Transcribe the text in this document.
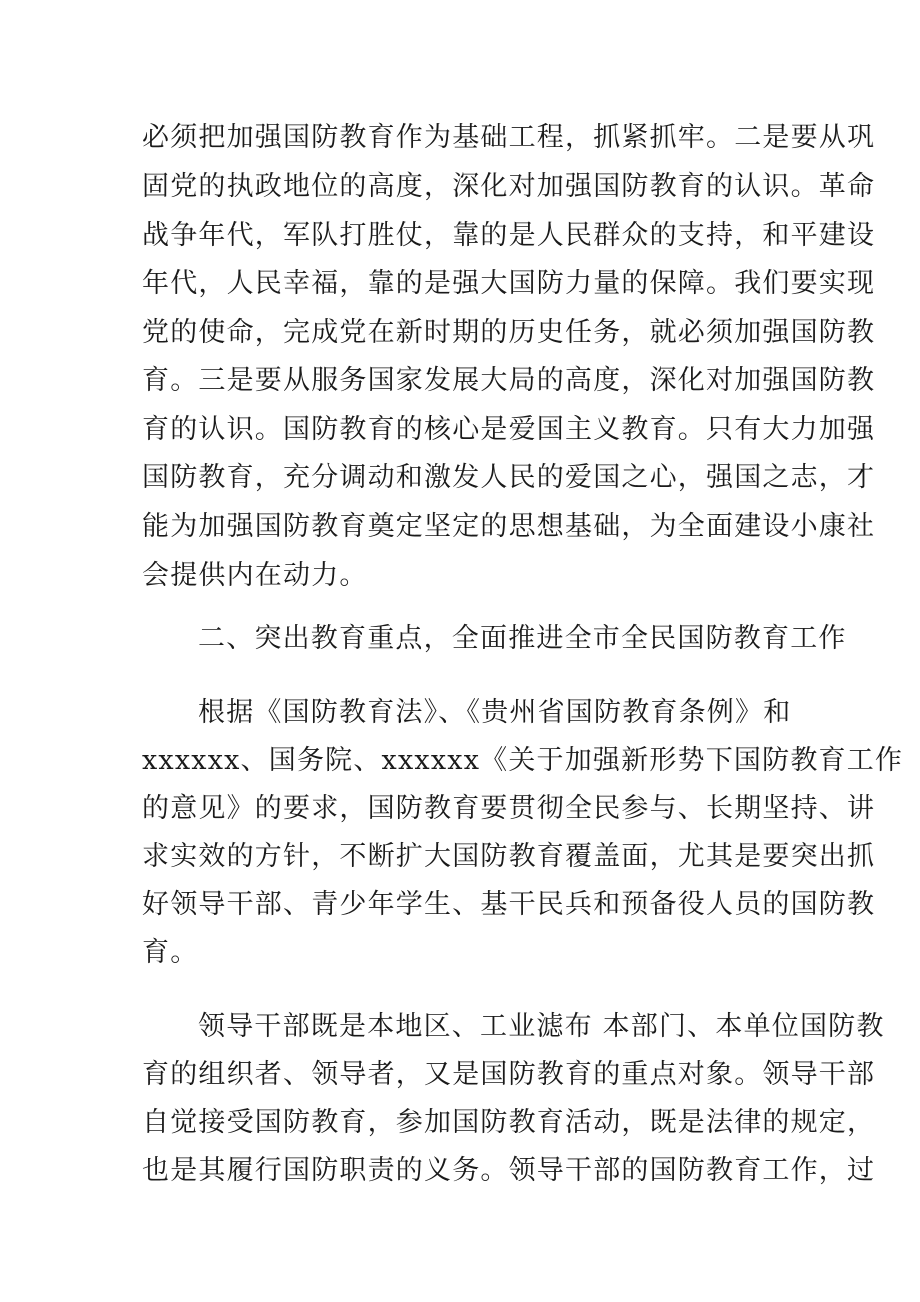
必须把加强国防教育作为基础工程，抓紧抓牢。二是要从巩
固党的执政地位的高度，深化对加强国防教育的认识。革命
战争年代，军队打胜仗，靠的是人民群众的支持，和平建设
年代，人民幸福，靠的是强大国防力量的保障。我们要实现
党的使命，完成党在新时期的历史任务，就必须加强国防教
育。三是要从服务国家发展大局的高度，深化对加强国防教
育的认识。国防教育的核心是爱国主义教育。只有大力加强
国防教育，充分调动和激发人民的爱国之心，强国之志，才
能为加强国防教育奠定坚定的思想基础，为全面建设小康社
会提供内在动力。
二、突出教育重点，全面推进全市全民国防教育工作
根据《国防教育法》、《贵州省国防教育条例》和
xxxxxx、国务院、xxxxxx《关于加强新形势下国防教育工作
的意见》的要求，国防教育要贯彻全民参与、长期坚持、讲
求实效的方针，不断扩大国防教育覆盖面，尤其是要突出抓
好领导干部、青少年学生、基干民兵和预备役人员的国防教
育。
领导干部既是本地区、工业滤布 本部门、本单位国防教
育的组织者、领导者，又是国防教育的重点对象。领导干部
自觉接受国防教育，参加国防教育活动，既是法律的规定，
也是其履行国防职责的义务。领导干部的国防教育工作，过
